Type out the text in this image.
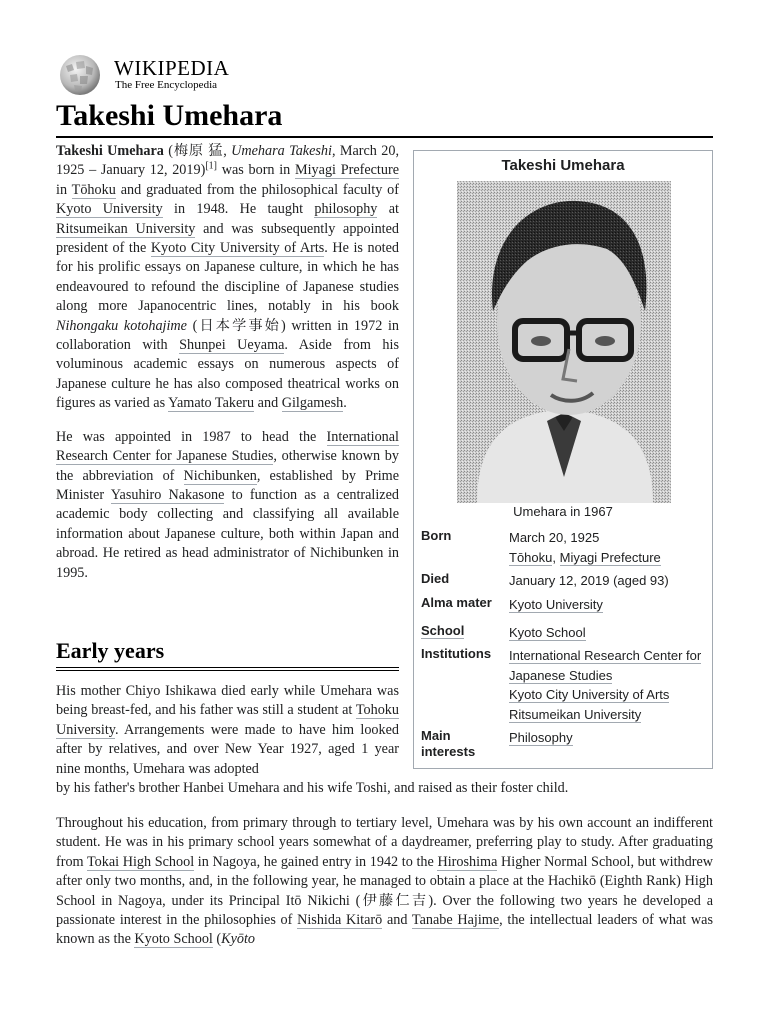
WIKIPEDIA
The Free Encyclopedia
Takeshi Umehara

Takeshi Umehara (梅原 猛, Umehara Takeshi, March 20, 1925 – January 12, 2019)[1] was born in Miyagi Prefecture in Tōhoku and graduated from the philosophical faculty of Kyoto University in 1948. He taught philosophy at Ritsumeikan University and was subsequently appointed president of the Kyoto City University of Arts. He is noted for his prolific essays on Japanese culture, in which he has endeavoured to refound the discipline of Japanese studies along more Japanocentric lines, notably in his book Nihongaku kotohajime (日本学事始) written in 1972 in collaboration with Shunpei Ueyama. Aside from his voluminous academic essays on numerous aspects of Japanese culture he has also composed theatrical works on figures as varied as Yamato Takeru and Gilgamesh.

He was appointed in 1987 to head the International Research Center for Japanese Studies, otherwise known by the abbreviation of Nichibunken, established by Prime Minister Yasuhiro Nakasone to function as a centralized academic body collecting and classifying all available information about Japanese culture, both within Japan and abroad. He retired as head administrator of Nichibunken in 1995.

Early years
His mother Chiyo Ishikawa died early while Umehara was being breast-fed, and his father was still a student at Tohoku University. Arrangements were made to have him looked after by relatives, and over New Year 1927, aged 1 year nine months, Umehara was adopted
by his father's brother Hanbei Umehara and his wife Toshi, and raised as their foster child.
Throughout his education, from primary through to tertiary level, Umehara was by his own account an indifferent student. He was in his primary school years somewhat of a daydreamer, preferring play to study. After graduating from Tokai High School in Nagoya, he gained entry in 1942 to the Hiroshima Higher Normal School, but withdrew after only two months, and, in the following year, he managed to obtain a place at the Hachikō (Eighth Rank) High School in Nagoya, under its Principal Itō Nikichi (伊藤仁吉). Over the following two years he developed a passionate interest in the philosophies of Nishida Kitarō and Tanabe Hajime, the intellectual leaders of what was known as the Kyoto School (Kyōto
Takeshi Umehara
Umehara in 1967
Born	March 20, 1925
Tōhoku, Miyagi Prefecture
Died	January 12, 2019 (aged 93)
Alma mater	Kyoto University
School	Kyoto School
Institutions	International Research Center for Japanese Studies
Kyoto City University of Arts
Ritsumeikan University
Main interests
Philosophy
